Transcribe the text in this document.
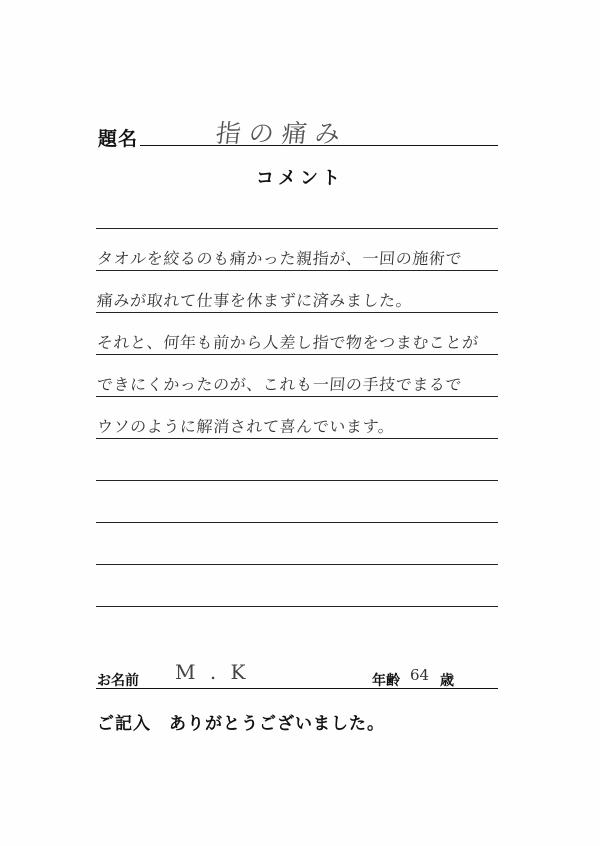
題名	指の痛み
コメント
タオルを絞るのも痛かった親指が、一回の施術で
痛みが取れて仕事を休まずに済みました。
それと、何年も前から人差し指で物をつまむことが
できにくかったのが、これも一回の手技でまるで
ウソのように解消されて喜んでいます。
お名前 M . K	年齢 64 歳
ご記入　ありがとうございました。
